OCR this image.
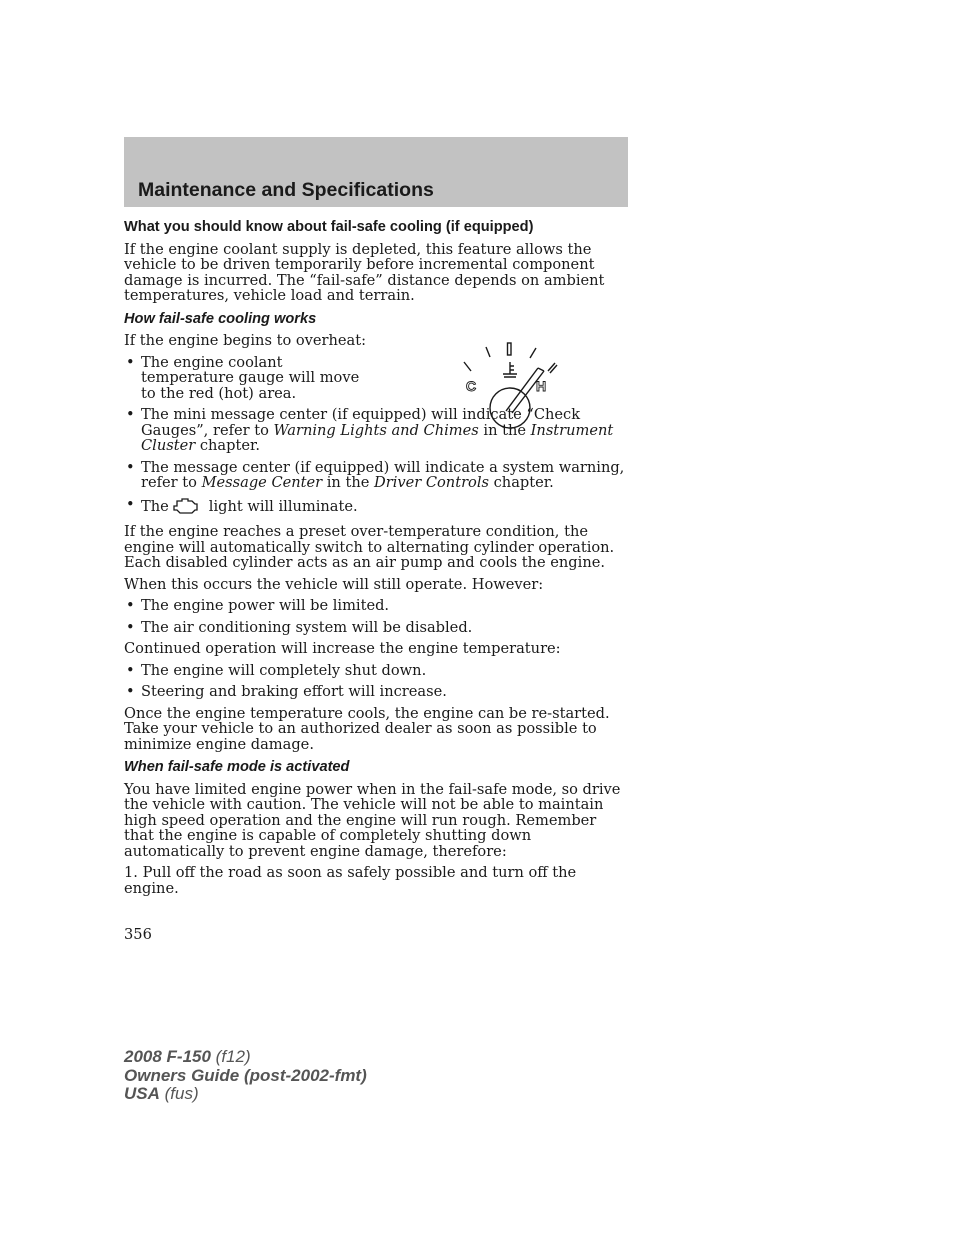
Maintenance and Specifications
What you should know about fail-safe cooling (if equipped)

If the engine coolant supply is depleted, this feature allows the vehicle to be driven temporarily before incremental component damage is incurred. The “fail-safe” distance depends on ambient temperatures, vehicle load and terrain.

How fail-safe cooling works

If the engine begins to overheat:

• The engine coolant temperature gauge will move to the red (hot) area.
• The mini message center (if equipped) will indicate “Check Gauges”, refer to Warning Lights and Chimes in the Instrument Cluster chapter.
• The message center (if equipped) will indicate a system warning, refer to Message Center in the Driver Controls chapter.
• The	light will illuminate.

If the engine reaches a preset over-temperature condition, the engine will automatically switch to alternating cylinder operation. Each disabled cylinder acts as an air pump and cools the engine.

When this occurs the vehicle will still operate. However:

• The engine power will be limited.
• The air conditioning system will be disabled.

Continued operation will increase the engine temperature:

• The engine will completely shut down.
• Steering and braking effort will increase.

Once the engine temperature cools, the engine can be re-started. Take your vehicle to an authorized dealer as soon as possible to minimize engine damage.

When fail-safe mode is activated

You have limited engine power when in the fail-safe mode, so drive the vehicle with caution. The vehicle will not be able to maintain high speed operation and the engine will run rough. Remember that the engine is capable of completely shutting down automatically to prevent engine damage, therefore:

1. Pull off the road as soon as safely possible and turn off the engine.

C	H
356
2008 F-150 (f12)
Owners Guide (post-2002-fmt)
USA (fus)
